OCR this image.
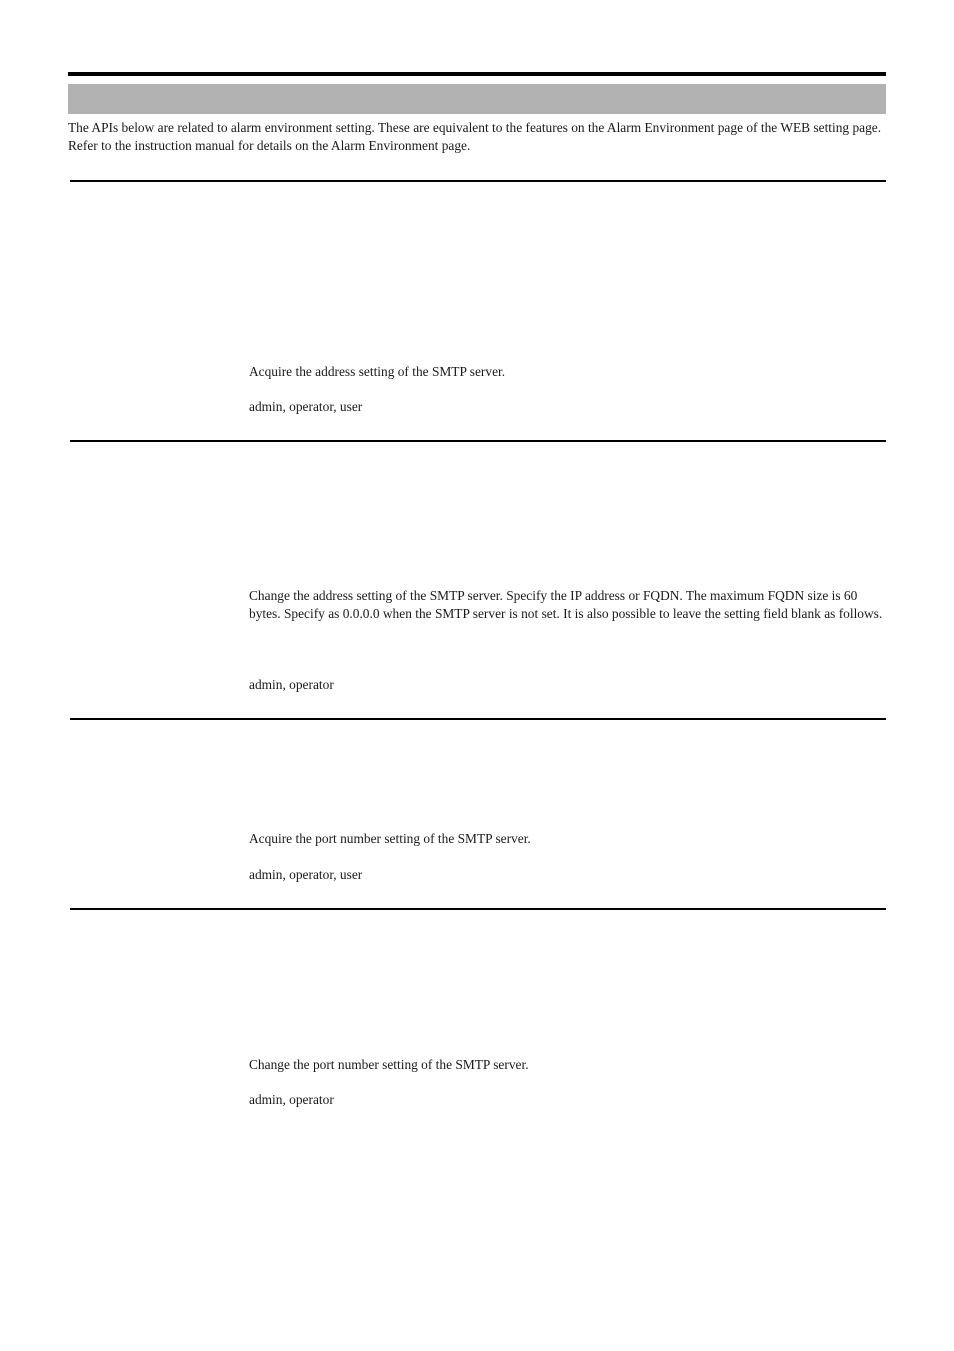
The APIs below are related to alarm environment setting. These are equivalent to the features on the Alarm Environment page of the WEB setting page. Refer to the instruction manual for details on the Alarm Environment page.

Acquire the address setting of the SMTP server.

admin, operator, user

Change the address setting of the SMTP server. Specify the IP address or FQDN. The maximum FQDN size is 60 bytes. Specify as 0.0.0.0 when the SMTP server is not set. It is also possible to leave the setting field blank as follows.

admin, operator

Acquire the port number setting of the SMTP server.

admin, operator, user

Change the port number setting of the SMTP server.

admin, operator
